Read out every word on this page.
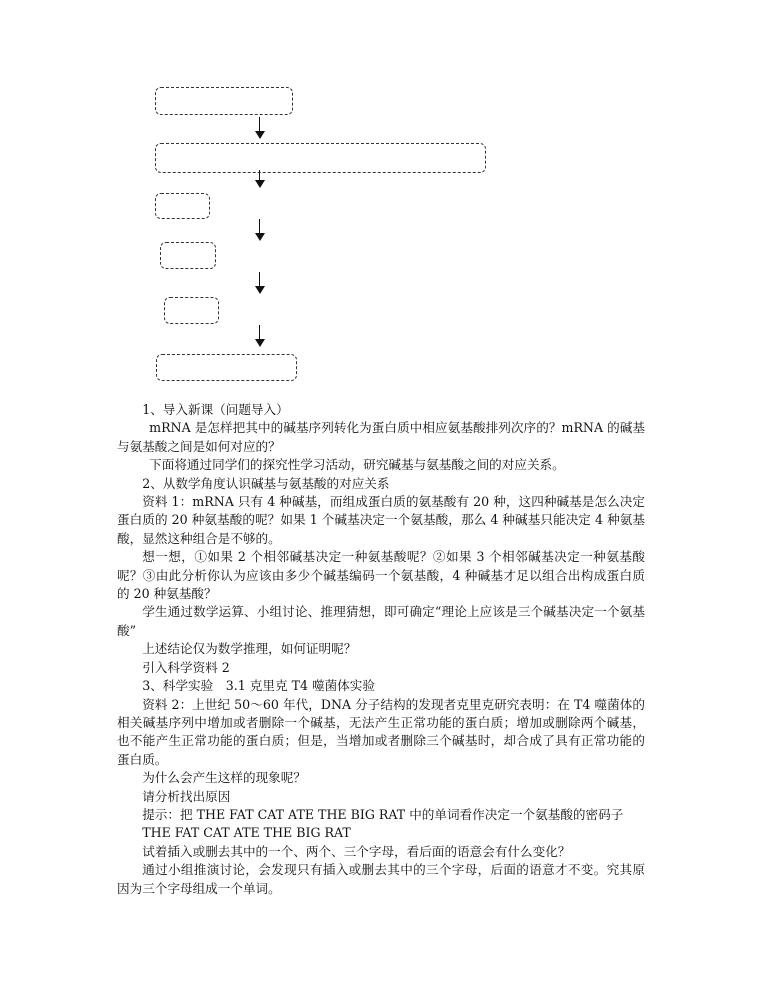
1、导入新课（问题导入）

mRNA 是怎样把其中的碱基序列转化为蛋白质中相应氨基酸排列次序的？mRNA 的碱基与氨基酸之间是如何对应的？

下面将通过同学们的探究性学习活动，研究碱基与氨基酸之间的对应关系。

2、从数学角度认识碱基与氨基酸的对应关系

资料 1：mRNA 只有 4 种碱基，而组成蛋白质的氨基酸有 20 种，这四种碱基是怎么决定蛋白质的 20 种氨基酸的呢？如果 1 个碱基决定一个氨基酸，那么 4 种碱基只能决定 4 种氨基酸，显然这种组合是不够的。

想一想，①如果 2 个相邻碱基决定一种氨基酸呢？②如果 3 个相邻碱基决定一种氨基酸呢？③由此分析你认为应该由多少个碱基编码一个氨基酸，4 种碱基才足以组合出构成蛋白质的 20 种氨基酸？

学生通过数学运算、小组讨论、推理猜想，即可确定“理论上应该是三个碱基决定一个氨基酸”

上述结论仅为数学推理，如何证明呢？

引入科学资料 2

3、科学实验　3.1 克里克 T4 噬菌体实验

资料 2：上世纪 50～60 年代，DNA 分子结构的发现者克里克研究表明：在 T4 噬菌体的相关碱基序列中增加或者删除一个碱基，无法产生正常功能的蛋白质；增加或删除两个碱基，也不能产生正常功能的蛋白质；但是，当增加或者删除三个碱基时，却合成了具有正常功能的蛋白质。

为什么会产生这样的现象呢？

请分析找出原因

提示：把 THE FAT CAT ATE THE BIG RAT 中的单词看作决定一个氨基酸的密码子

THE FAT CAT ATE THE BIG RAT

试着插入或删去其中的一个、两个、三个字母，看后面的语意会有什么变化？

通过小组推演讨论，会发现只有插入或删去其中的三个字母，后面的语意才不变。究其原因为三个字母组成一个单词。
